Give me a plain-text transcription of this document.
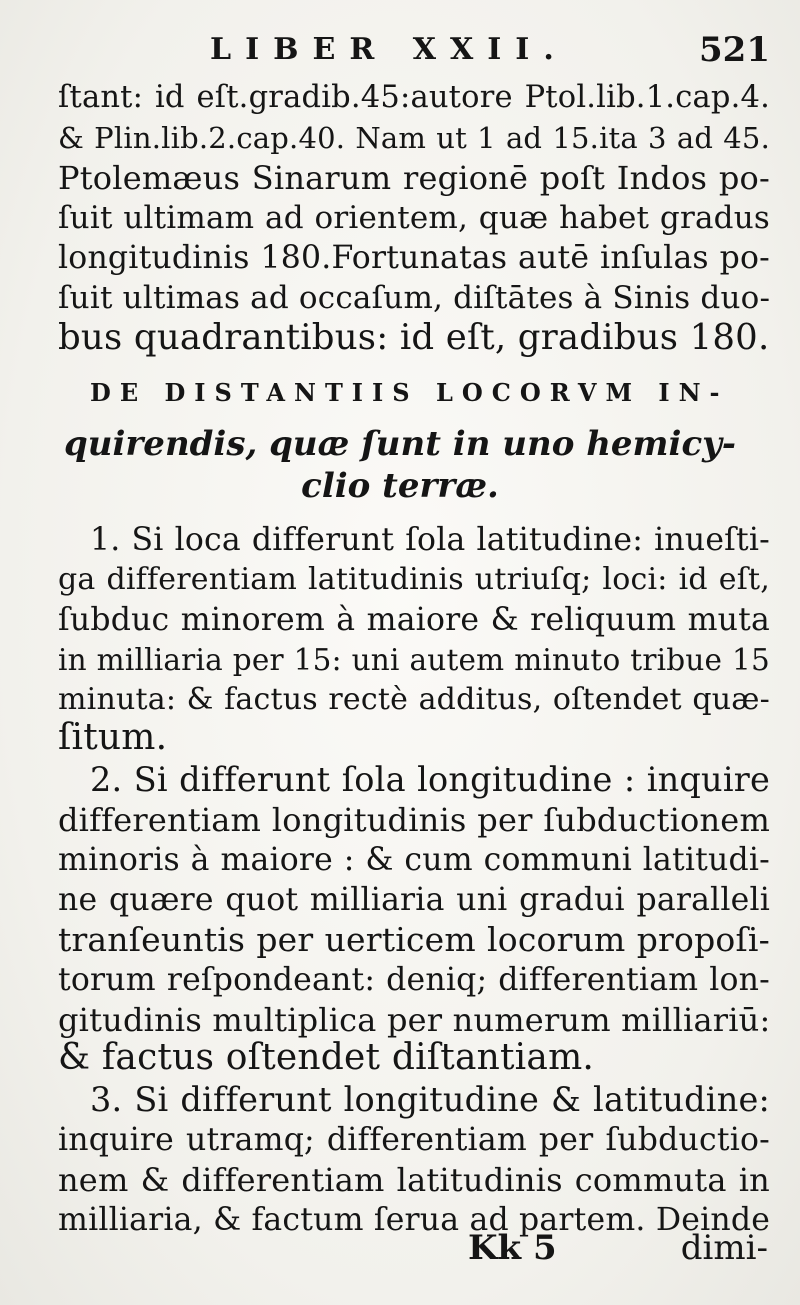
LIBER XXII.	521
ſtant: id eſt.gradib.45:autore Ptol.lib.1.cap.4.
& Plin.lib.2.cap.40. Nam ut 1 ad 15.ita 3 ad 45.
Ptolemæus Sinarum regionē poſt Indos po-
ſuit ultimam ad orientem, quæ habet gradus
longitudinis 180.Fortunatas autē inſulas po-
ſuit ultimas ad occaſum, diſtātes à Sinis duo-
bus quadrantibus: id eſt, gradibus 180.
DE DISTANTIIS LOCORVM IN-
quirendis, quæ ſunt in uno hemicy-
clio terræ.
1. Si loca differunt ſola latitudine: inueſti-
ga differentiam latitudinis utriuſq; loci: id eſt,
ſubduc minorem à maiore & reliquum muta
in milliaria per 15: uni autem minuto tribue 15
minuta: & factus rectè additus, oſtendet quæ-
ſitum.
2. Si differunt ſola longitudine : inquire
differentiam longitudinis per ſubductionem
minoris à maiore : & cum communi latitudi-
ne quære quot milliaria uni gradui paralleli
tranſeuntis per uerticem locorum propoſi-
torum reſpondeant: deniq; differentiam lon-
gitudinis multiplica per numerum milliariū:
& factus oſtendet diſtantiam.
3. Si differunt longitudine & latitudine:
inquire utramq; differentiam per ſubductio-
nem & differentiam latitudinis commuta in
milliaria, & factum ſerua ad partem. Deinde
Kk 5	dimi-
